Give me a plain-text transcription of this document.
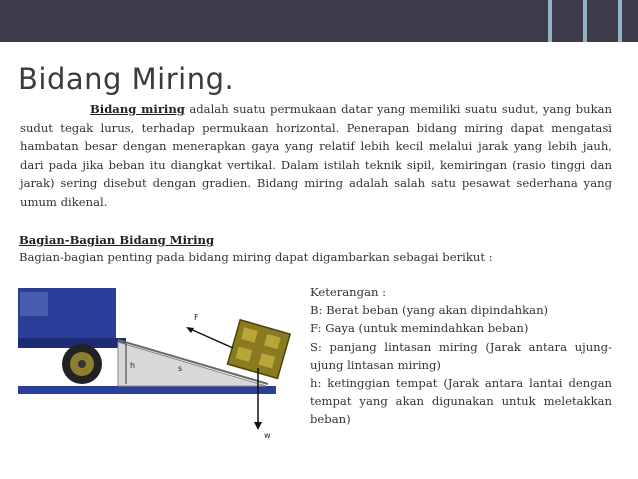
Bidang Miring.
Bidang miring adalah suatu permukaan datar yang memiliki suatu sudut, yang bukan sudut tegak lurus, terhadap permukaan horizontal. Penerapan bidang miring dapat mengatasi hambatan besar dengan menerapkan gaya yang relatif lebih kecil melalui jarak yang lebih jauh, dari pada jika beban itu diangkat vertikal. Dalam istilah teknik sipil, kemiringan (rasio tinggi dan jarak) sering disebut dengan gradien. Bidang miring adalah salah satu pesawat sederhana yang umum dikenal.
Bagian-Bagian Bidang Miring
Bagian-bagian penting pada bidang miring dapat digambarkan sebagai berikut :
h	s
F
w
Keterangan :
B: Berat beban (yang akan dipindahkan)
F: Gaya (untuk memindahkan beban)
S: panjang lintasan miring (Jarak antara ujung-ujung lintasan miring)
h: ketinggian tempat (Jarak antara lantai dengan tempat yang akan digunakan untuk meletakkan beban)
